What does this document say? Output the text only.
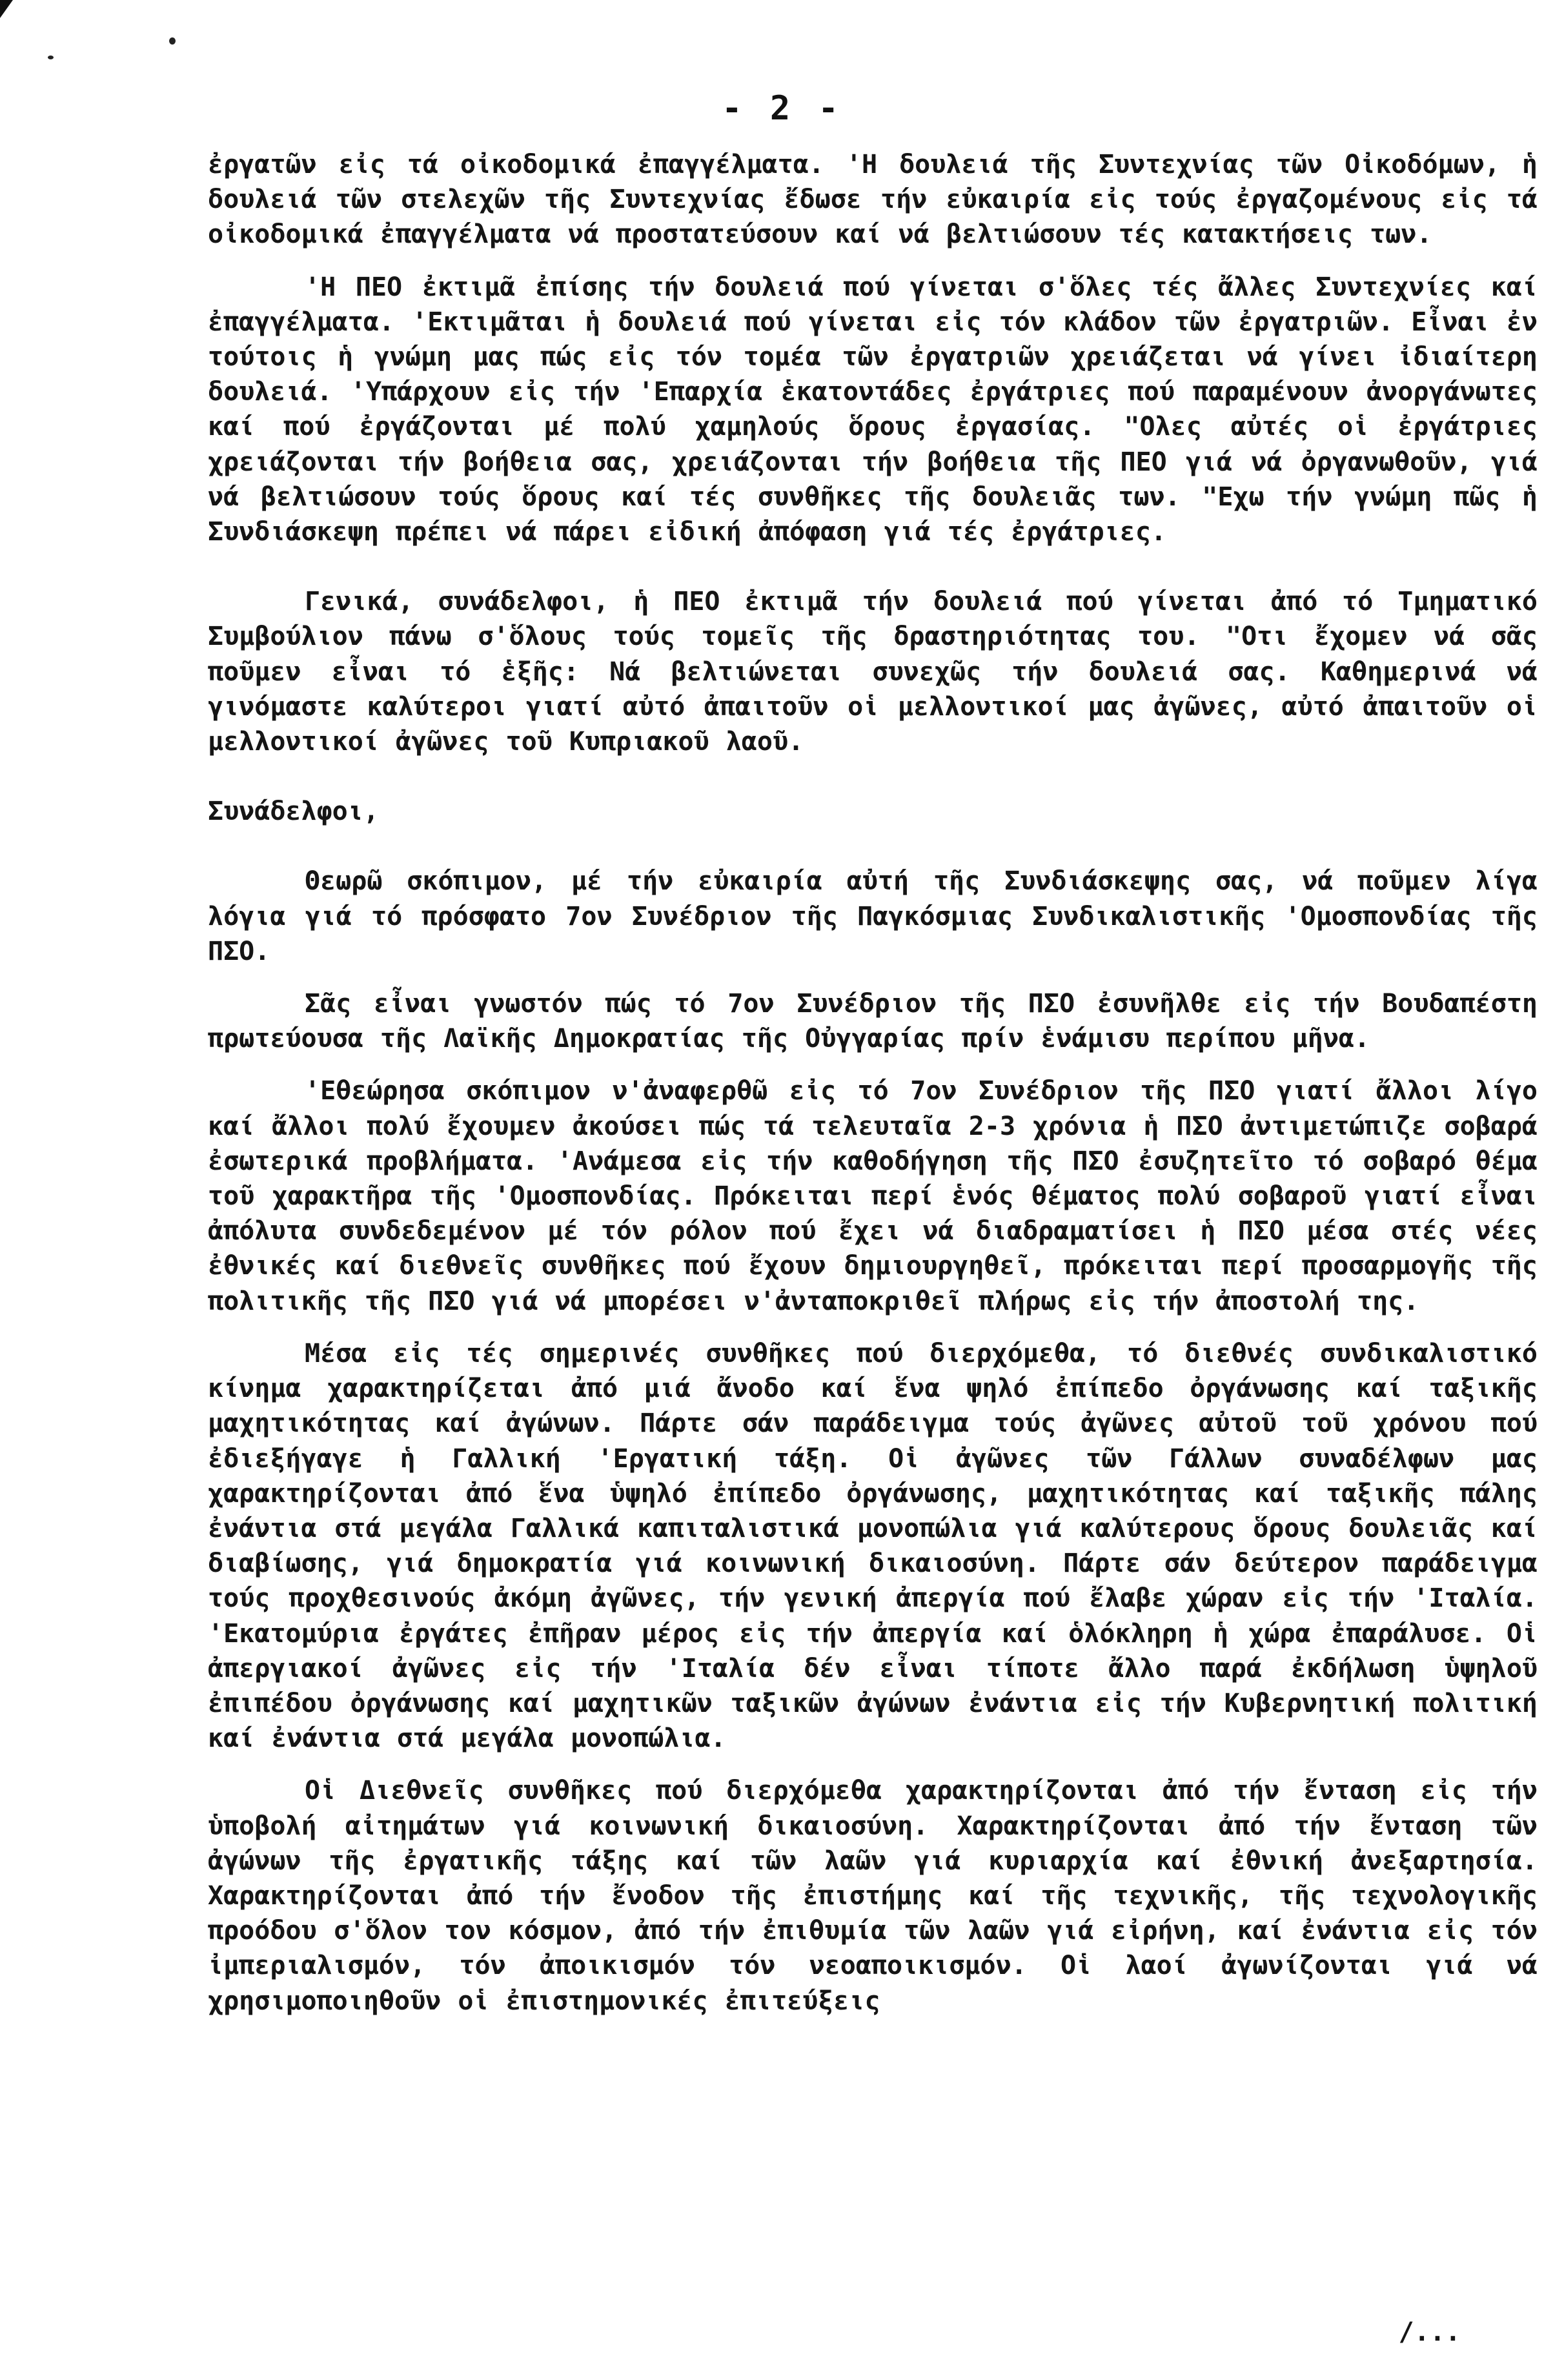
- 2 -

ἐργατῶν εἰς τά οἰκοδομικά ἐπαγγέλματα. 'Η δουλειά τῆς Συντεχνίας τῶν Οἰκοδόμων, ἡ δουλειά τῶν στελεχῶν τῆς Συντεχνίας ἔδωσε τήν εὐκαιρία εἰς τούς ἐργαζομένους εἰς τά οἰκοδομικά ἐπαγγέλματα νά προστατεύσουν καί νά βελτιώσουν τές κατακτήσεις των.

'Η ΠΕΟ ἐκτιμᾶ ἐπίσης τήν δουλειά πού γίνεται σ'ὅλες τές ἄλλες Συντεχνίες καί ἐπαγγέλματα. 'Εκτιμᾶται ἡ δουλειά πού γίνεται εἰς τόν κλάδον τῶν ἐργατριῶν. Εἶναι ἐν τούτοις ἡ γνώμη μας πώς εἰς τόν τομέα τῶν ἐργατριῶν χρειάζεται νά γίνει ἰδιαίτερη δουλειά. 'Υπάρχουν εἰς τήν 'Επαρχία ἑκατοντάδες ἐργάτριες πού παραμένουν ἀνοργάνωτες καί πού ἐργάζονται μέ πολύ χαμηλούς ὅρους ἐργασίας. "Ολες αὐτές οἱ ἐργάτριες χρειάζονται τήν βοήθεια σας, χρειάζονται τήν βοήθεια τῆς ΠΕΟ γιά νά ὀργανωθοῦν, γιά νά βελτιώσουν τούς ὅρους καί τές συνθῆκες τῆς δουλειᾶς των. "Εχω τήν γνώμη πῶς ἡ Συνδιάσκεψη πρέπει νά πάρει εἰδική ἀπόφαση γιά τές ἐργάτριες.

Γενικά, συνάδελφοι, ἡ ΠΕΟ ἐκτιμᾶ τήν δουλειά πού γίνεται ἀπό τό Τμηματικό Συμβούλιον πάνω σ'ὅλους τούς τομεῖς τῆς δραστηριότητας του. "Οτι ἔχομεν νά σᾶς ποῦμεν εἶναι τό ἑξῆς: Νά βελτιώνεται συνεχῶς τήν δουλειά σας. Καθημερινά νά γινόμαστε καλύτεροι γιατί αὐτό ἀπαιτοῦν οἱ μελλοντικοί μας ἀγῶνες, αὐτό ἀπαιτοῦν οἱ μελλοντικοί ἀγῶνες τοῦ Κυπριακοῦ λαοῦ.

Συνάδελφοι,

Θεωρῶ σκόπιμον, μέ τήν εὐκαιρία αὐτή τῆς Συνδιάσκεψης σας, νά ποῦμεν λίγα λόγια γιά τό πρόσφατο 7ον Συνέδριον τῆς Παγκόσμιας Συνδικαλιστικῆς 'Ομοσπονδίας τῆς ΠΣΟ.

Σᾶς εἶναι γνωστόν πώς τό 7ον Συνέδριον τῆς ΠΣΟ ἐσυνῆλθε εἰς τήν Βουδαπέστη πρωτεύουσα τῆς Λαϊκῆς Δημοκρατίας τῆς Οὐγγαρίας πρίν ἑνάμισυ περίπου μῆνα.

'Εθεώρησα σκόπιμον ν'ἀναφερθῶ εἰς τό 7ον Συνέδριον τῆς ΠΣΟ γιατί ἄλλοι λίγο καί ἄλλοι πολύ ἔχουμεν ἀκούσει πώς τά τελευταῖα 2-3 χρόνια ἡ ΠΣΟ ἀντιμετώπιζε σοβαρά ἐσωτερικά προβλήματα. 'Ανάμεσα εἰς τήν καθοδήγηση τῆς ΠΣΟ ἐσυζητεῖτο τό σοβαρό θέμα τοῦ χαρακτῆρα τῆς 'Ομοσπονδίας. Πρόκειται περί ἑνός θέματος πολύ σοβαροῦ γιατί εἶναι ἀπόλυτα συνδεδεμένον μέ τόν ρόλον πού ἔχει νά διαδραματίσει ἡ ΠΣΟ μέσα στές νέες ἐθνικές καί διεθνεῖς συνθῆκες πού ἔχουν δημιουργηθεῖ, πρόκειται περί προσαρμογῆς τῆς πολιτικῆς τῆς ΠΣΟ γιά νά μπορέσει ν'ἀνταποκριθεῖ πλήρως εἰς τήν ἀποστολή της.

Μέσα εἰς τές σημερινές συνθῆκες πού διερχόμεθα, τό διεθνές συνδικαλιστικό κίνημα χαρακτηρίζεται ἀπό μιά ἄνοδο καί ἕνα ψηλό ἐπίπεδο ὀργάνωσης καί ταξικῆς μαχητικότητας καί ἀγώνων. Πάρτε σάν παράδειγμα τούς ἀγῶνες αὐτοῦ τοῦ χρόνου πού ἐδιεξήγαγε ἡ Γαλλική 'Εργατική τάξη. Οἱ ἀγῶνες τῶν Γάλλων συναδέλφων μας χαρακτηρίζονται ἀπό ἕνα ὑψηλό ἐπίπεδο ὀργάνωσης, μαχητικότητας καί ταξικῆς πάλης ἐνάντια στά μεγάλα Γαλλικά καπιταλιστικά μονοπώλια γιά καλύτερους ὅρους δουλειᾶς καί διαβίωσης, γιά δημοκρατία γιά κοινωνική δικαιοσύνη. Πάρτε σάν δεύτερον παράδειγμα τούς προχθεσινούς ἀκόμη ἀγῶνες, τήν γενική ἀπεργία πού ἔλαβε χώραν εἰς τήν 'Ιταλία. 'Εκατομύρια ἐργάτες ἐπῆραν μέρος εἰς τήν ἀπεργία καί ὁλόκληρη ἡ χώρα ἐπαράλυσε. Οἱ ἀπεργιακοί ἀγῶνες εἰς τήν 'Ιταλία δέν εἶναι τίποτε ἄλλο παρά ἐκδήλωση ὑψηλοῦ ἐπιπέδου ὀργάνωσης καί μαχητικῶν ταξικῶν ἀγώνων ἐνάντια εἰς τήν Κυβερνητική πολιτική καί ἐνάντια στά μεγάλα μονοπώλια.

Οἱ Διεθνεῖς συνθῆκες πού διερχόμεθα χαρακτηρίζονται ἀπό τήν ἔνταση εἰς τήν ὑποβολή αἰτημάτων γιά κοινωνική δικαιοσύνη. Χαρακτηρίζονται ἀπό τήν ἔνταση τῶν ἀγώνων τῆς ἐργατικῆς τάξης καί τῶν λαῶν γιά κυριαρχία καί ἐθνική ἀνεξαρτησία. Χαρακτηρίζονται ἀπό τήν ἔνοδον τῆς ἐπιστήμης καί τῆς τεχνικῆς, τῆς τεχνολογικῆς προόδου σ'ὅλον τον κόσμον, ἀπό τήν ἐπιθυμία τῶν λαῶν γιά εἰρήνη, καί ἐνάντια εἰς τόν ἰμπεριαλισμόν, τόν ἀποικισμόν τόν νεοαποικισμόν. Οἱ λαοί ἀγωνίζονται γιά νά χρησιμοποιηθοῦν οἱ ἐπιστημονικές ἐπιτεύξεις

/...
